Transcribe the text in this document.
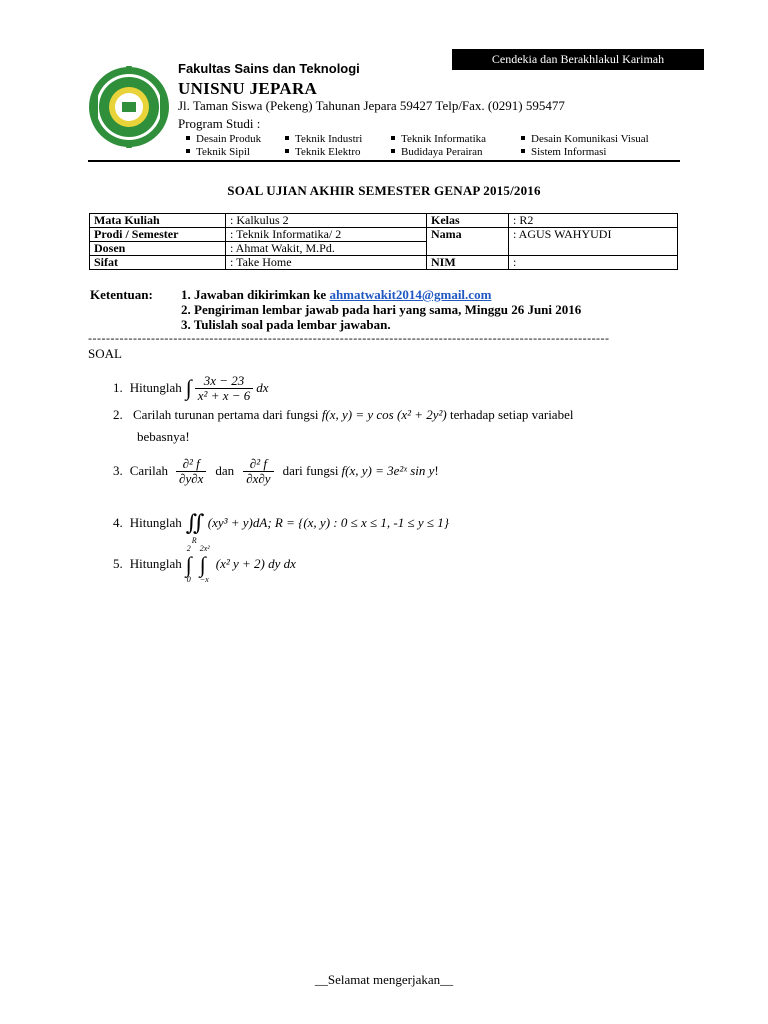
Cendekia dan Berakhlakul Karimah
Fakultas Sains dan Teknologi
UNISNU JEPARA
Jl. Taman Siswa (Pekeng) Tahunan Jepara 59427 Telp/Fax. (0291) 595477
Program Studi :
Desain Produk	Teknik Industri	Teknik Informatika	Desain Komunikasi Visual
Teknik Sipil	Teknik Elektro	Budidaya Perairan	Sistem Informasi
SOAL UJIAN AKHIR SEMESTER GENAP 2015/2016
Mata Kuliah	: Kalkulus 2	Kelas	: R2
Prodi / Semester	: Teknik Informatika/ 2	Nama	: AGUS WAHYUDI
Dosen	: Ahmat Wakit, M.Pd.		
Sifat	: Take Home	NIM	:
Ketentuan: 1. Jawaban dikirimkan ke ahmatwakit2014@gmail.com
2. Pengiriman lembar jawab pada hari yang sama, Minggu 26 Juni 2016
3. Tulislah soal pada lembar jawaban.
--------------------------------------------------------------------------------------------------------------------
SOAL
1. Hitunglah ∫ $\frac{3x - 23}{\text{x² + x − 6}}$ dx
2. Carilah turunan pertama dari fungsi f(x, y) = y cos (x² + 2y²) terhadap setiap variabel
bebasnya!
3. Carilah $\frac{\text{∂² f}}{\partial y\partial x}$ dan $\frac{\text{∂² f}}{\partial x\partial y}$ dari fungsi f(x, y) = 3e²ˣ sin y !
4. Hitunglah ∬
R
(xy³ + y)dA ; R = {(x, y) : 0 ≤ x ≤ 1, -1 ≤ y ≤ 1}
5. Hitunglah
2
∫
0
2x²
∫
−x
(x² y + 2) dy dx
__Selamat mengerjakan__
